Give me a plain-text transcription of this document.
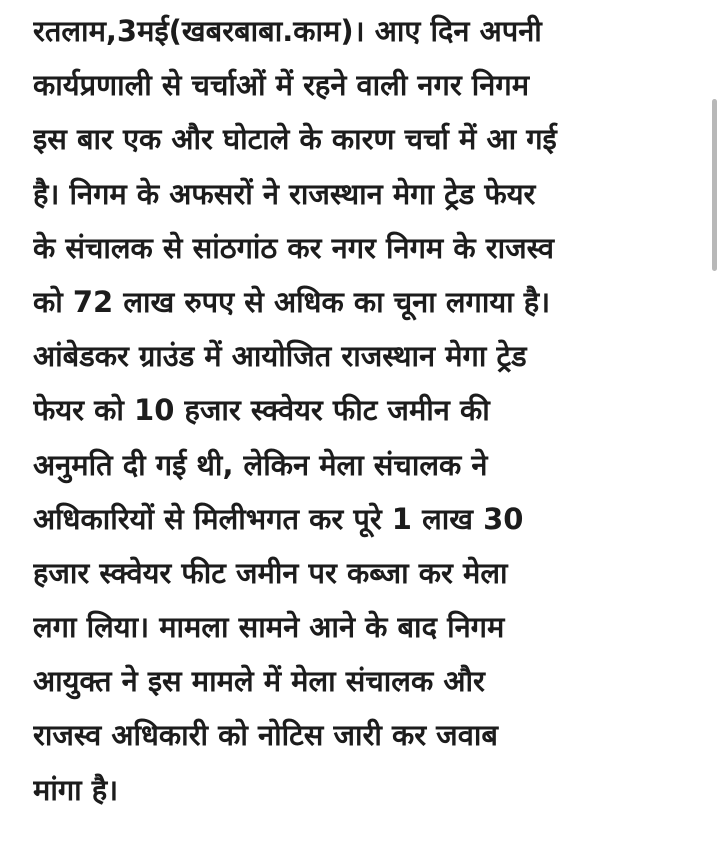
रतलाम,3मई(खबरबाबा.काम)। आए दिन अपनी
कार्यप्रणाली से चर्चाओं में रहने वाली नगर निगम
इस बार एक और घोटाले के कारण चर्चा में आ गई
है। निगम के अफसरों ने राजस्थान मेगा ट्रेड फेयर
के संचालक से सांठगांठ कर नगर निगम के राजस्व
को 72 लाख रुपए से अधिक का चूना लगाया है।
आंबेडकर ग्राउंड में आयोजित राजस्थान मेगा ट्रेड
फेयर को 10 हजार स्क्वेयर फीट जमीन की
अनुमति दी गई थी, लेकिन मेला संचालक ने
अधिकारियों से मिलीभगत कर पूरे 1 लाख 30
हजार स्क्वेयर फीट जमीन पर कब्जा कर मेला
लगा लिया। मामला सामने आने के बाद निगम
आयुक्त ने इस मामले में मेला संचालक और
राजस्व अधिकारी को नोटिस जारी कर जवाब
मांगा है।
